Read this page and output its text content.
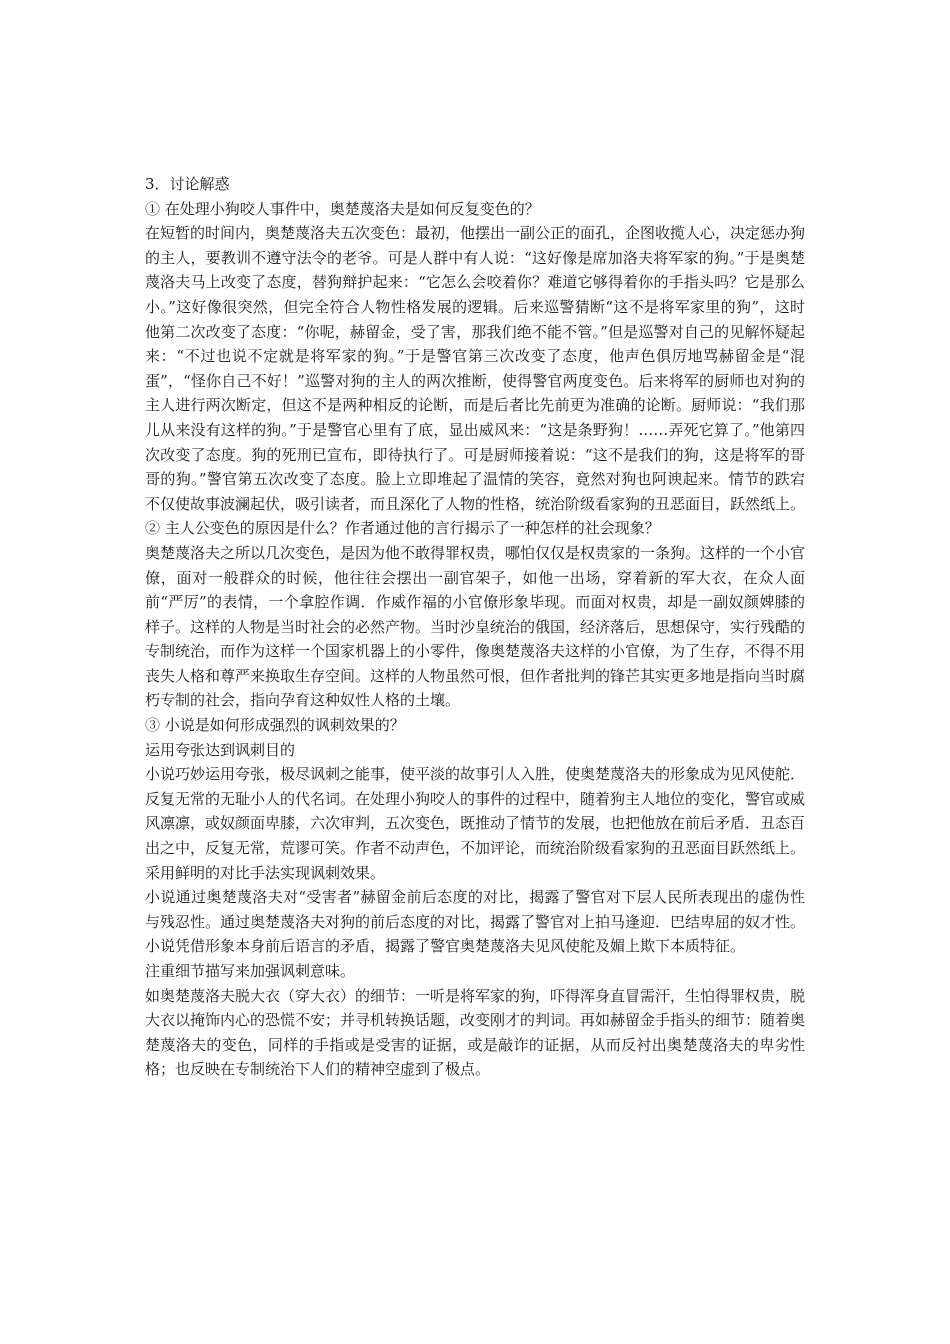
3．讨论解惑

① 在处理小狗咬人事件中，奥楚蔑洛夫是如何反复变色的？

在短暂的时间内，奥楚蔑洛夫五次变色：最初，他摆出一副公正的面孔，企图收揽人心，决定惩办狗的主人，要教训不遵守法令的老爷。可是人群中有人说：“这好像是席加洛夫将军家的狗。”于是奥楚蔑洛夫马上改变了态度，替狗辩护起来：“它怎么会咬着你？难道它够得着你的手指头吗？它是那么小。”这好像很突然，但完全符合人物性格发展的逻辑。后来巡警猜断“这不是将军家里的狗”，这时他第二次改变了态度：“你呢，赫留金，受了害，那我们绝不能不管。”但是巡警对自己的见解怀疑起来：“不过也说不定就是将军家的狗。”于是警官第三次改变了态度，他声色俱厉地骂赫留金是“混蛋”，“怪你自己不好！”巡警对狗的主人的两次推断，使得警官两度变色。后来将军的厨师也对狗的主人进行两次断定，但这不是两种相反的论断，而是后者比先前更为准确的论断。厨师说：“我们那儿从来没有这样的狗。”于是警官心里有了底，显出威风来：“这是条野狗！……弄死它算了。”他第四次改变了态度。狗的死刑已宣布，即待执行了。可是厨师接着说：“这不是我们的狗，这是将军的哥哥的狗。”警官第五次改变了态度。脸上立即堆起了温情的笑容，竟然对狗也阿谀起来。情节的跌宕不仅使故事波澜起伏，吸引读者，而且深化了人物的性格，统治阶级看家狗的丑恶面目，跃然纸上。

② 主人公变色的原因是什么？作者通过他的言行揭示了一种怎样的社会现象？

奥楚蔑洛夫之所以几次变色，是因为他不敢得罪权贵，哪怕仅仅是权贵家的一条狗。这样的一个小官僚，面对一般群众的时候，他往往会摆出一副官架子，如他一出场，穿着新的军大衣，在众人面前“严厉”的表情，一个拿腔作调．作威作福的小官僚形象毕现。而面对权贵，却是一副奴颜婢膝的样子。这样的人物是当时社会的必然产物。当时沙皇统治的俄国，经济落后，思想保守，实行残酷的专制统治，而作为这样一个国家机器上的小零件，像奥楚蔑洛夫这样的小官僚，为了生存，不得不用丧失人格和尊严来换取生存空间。这样的人物虽然可恨，但作者批判的锋芒其实更多地是指向当时腐朽专制的社会，指向孕育这种奴性人格的土壤。

③ 小说是如何形成强烈的讽刺效果的？

运用夸张达到讽刺目的

小说巧妙运用夸张，极尽讽刺之能事，使平淡的故事引人入胜，使奥楚蔑洛夫的形象成为见风使舵．反复无常的无耻小人的代名词。在处理小狗咬人的事件的过程中，随着狗主人地位的变化，警官或威风凛凛，或奴颜面卑膝，六次审判，五次变色，既推动了情节的发展，也把他放在前后矛盾．丑态百出之中，反复无常，荒谬可笑。作者不动声色，不加评论，而统治阶级看家狗的丑恶面目跃然纸上。

采用鲜明的对比手法实现讽刺效果。

小说通过奥楚蔑洛夫对“受害者”赫留金前后态度的对比，揭露了警官对下层人民所表现出的虚伪性与残忍性。通过奥楚蔑洛夫对狗的前后态度的对比，揭露了警官对上拍马逢迎．巴结卑屈的奴才性。小说凭借形象本身前后语言的矛盾，揭露了警官奥楚蔑洛夫见风使舵及媚上欺下本质特征。

注重细节描写来加强讽刺意味。

如奥楚蔑洛夫脱大衣（穿大衣）的细节：一听是将军家的狗，吓得浑身直冒需汗，生怕得罪权贵，脱大衣以掩饰内心的恐慌不安；并寻机转换话题，改变刚才的判词。再如赫留金手指头的细节：随着奥楚蔑洛夫的变色，同样的手指或是受害的证据，或是敲诈的证据，从而反衬出奥楚蔑洛夫的卑劣性格；也反映在专制统治下人们的精神空虚到了极点。
